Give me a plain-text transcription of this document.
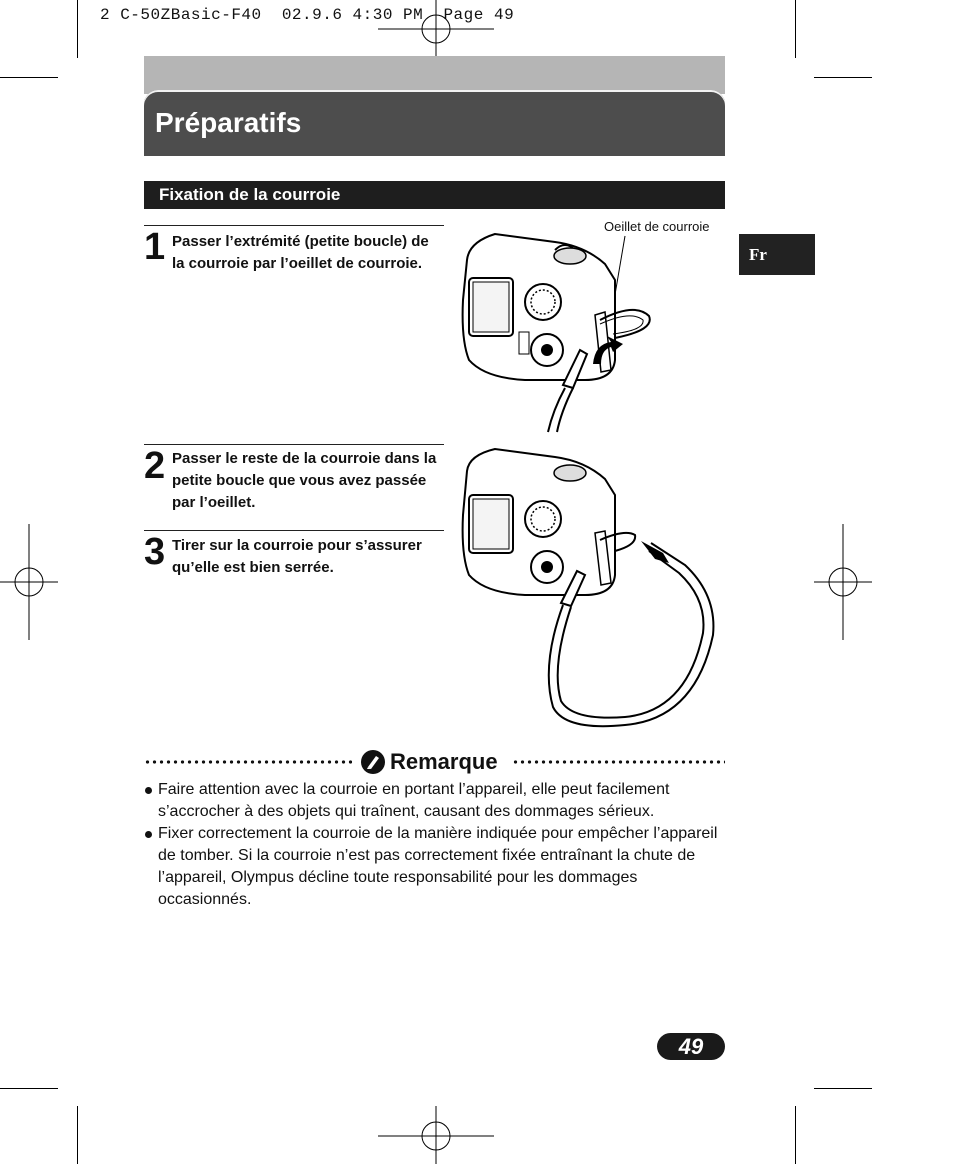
2 C-50ZBasic-F40  02.9.6 4:30 PM  Page 49
Préparatifs
Fixation de la courroie
Fr
1 Passer l’extrémité (petite boucle) de la courroie par l’oeillet de courroie.
2 Passer le reste de la courroie dans la petite boucle que vous avez passée par l’oeillet.
3 Tirer sur la courroie pour s’assurer qu’elle est bien serrée.
Oeillet de courroie
Remarque
Faire attention avec la courroie en portant l’appareil, elle peut facilement s’accrocher à des objets qui traînent, causant des dommages sérieux.
Fixer correctement la courroie de la manière indiquée pour empêcher l’appareil de tomber. Si la courroie n’est pas correctement fixée entraînant la chute de l’appareil, Olympus décline toute responsabilité pour les dommages occasionnés.
49
